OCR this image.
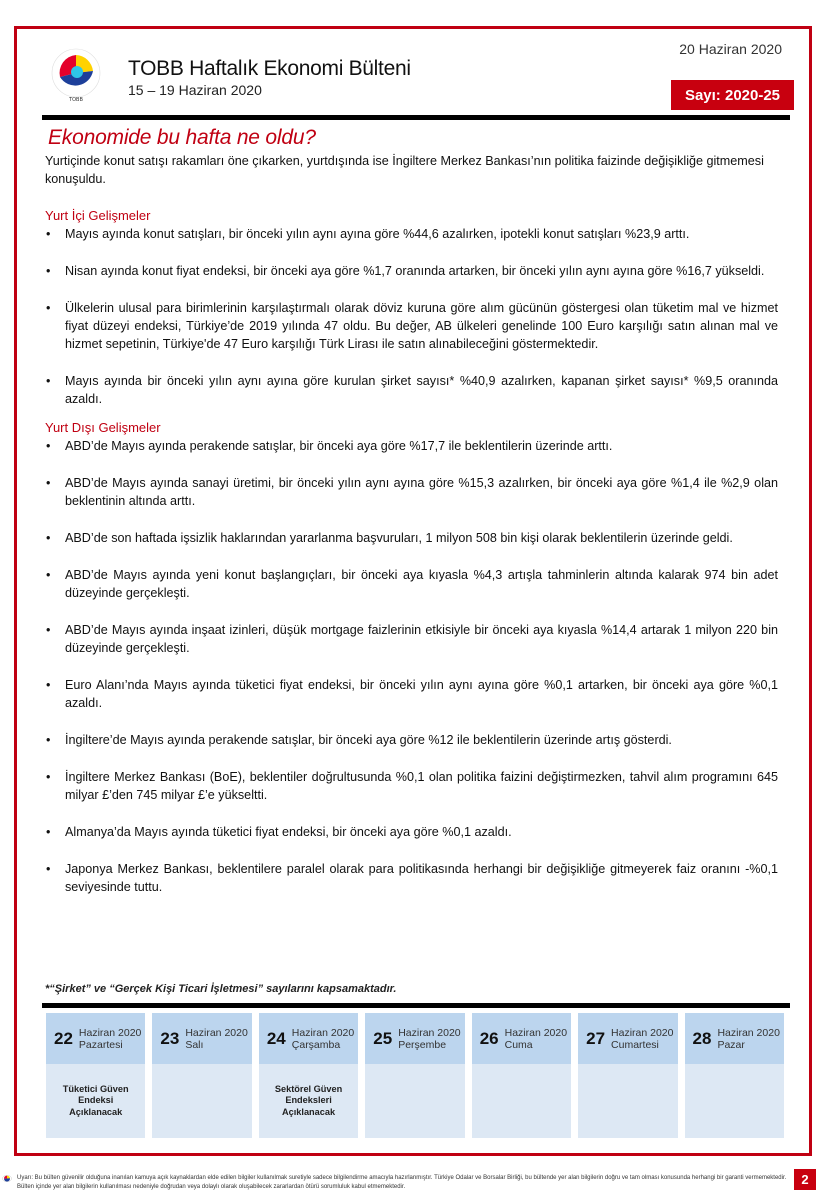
TOBB
TOBB Haftalık Ekonomi Bülteni
15 – 19 Haziran 2020
20 Haziran 2020
Sayı: 2020-25
Ekonomide bu hafta ne oldu?

Yurtiçinde konut satışı rakamları öne çıkarken, yurtdışında ise İngiltere Merkez Bankası’nın politika faizinde değişikliğe gitmemesi konuşuldu.

Yurt İçi Gelişmeler
• Mayıs ayında konut satışları, bir önceki yılın aynı ayına göre %44,6 azalırken, ipotekli konut satışları %23,9 arttı.
• Nisan ayında konut fiyat endeksi, bir önceki aya göre %1,7 oranında artarken, bir önceki yılın aynı ayına göre %16,7 yükseldi.
• Ülkelerin ulusal para birimlerinin karşılaştırmalı olarak döviz kuruna göre alım gücünün göstergesi olan tüketim mal ve hizmet fiyat düzeyi endeksi, Türkiye’de 2019 yılında 47 oldu. Bu değer, AB ülkeleri genelinde 100 Euro karşılığı satın alınan mal ve hizmet sepetinin, Türkiye'de 47 Euro karşılığı Türk Lirası ile satın alınabileceğini göstermektedir.
• Mayıs ayında bir önceki yılın aynı ayına göre kurulan şirket sayısı* %40,9 azalırken, kapanan şirket sayısı* %9,5 oranında azaldı.
Yurt Dışı Gelişmeler
• ABD’de Mayıs ayında perakende satışlar, bir önceki aya göre %17,7 ile beklentilerin üzerinde arttı.
• ABD’de Mayıs ayında sanayi üretimi, bir önceki yılın aynı ayına göre %15,3 azalırken, bir önceki aya göre %1,4 ile %2,9 olan beklentinin altında arttı.
• ABD’de son haftada işsizlik haklarından yararlanma başvuruları, 1 milyon 508 bin kişi olarak beklentilerin üzerinde geldi.
• ABD’de Mayıs ayında yeni konut başlangıçları, bir önceki aya kıyasla %4,3 artışla tahminlerin altında kalarak 974 bin adet düzeyinde gerçekleşti.
• ABD’de Mayıs ayında inşaat izinleri, düşük mortgage faizlerinin etkisiyle bir önceki aya kıyasla %14,4 artarak 1 milyon 220 bin düzeyinde gerçekleşti.
• Euro Alanı’nda Mayıs ayında tüketici fiyat endeksi, bir önceki yılın aynı ayına göre %0,1 artarken, bir önceki aya göre %0,1 azaldı.
• İngiltere’de Mayıs ayında perakende satışlar, bir önceki aya göre %12 ile beklentilerin üzerinde artış gösterdi.
• İngiltere Merkez Bankası (BoE), beklentiler doğrultusunda %0,1 olan politika faizini değiştirmezken, tahvil alım programını 645 milyar £’den 745 milyar £’e yükseltti.
• Almanya’da Mayıs ayında tüketici fiyat endeksi, bir önceki aya göre %0,1 azaldı.
• Japonya Merkez Bankası, beklentilere paralel olarak para politikasında herhangi bir değişikliğe gitmeyerek faiz oranını -%0,1 seviyesinde tuttu.
*“Şirket” ve “Gerçek Kişi Ticari İşletmesi” sayılarını kapsamaktadır.
22 Haziran 2020
Pazartesi
Tüketici Güven Endeksi Açıklanacak
23 Haziran 2020
Salı	24 Haziran 2020
Çarşamba
Sektörel Güven Endeksleri Açıklanacak
25 Haziran 2020
Perşembe	26 Haziran 2020
Cuma	27 Haziran 2020
Cumartesi	28 Haziran 2020
Pazar
Uyarı: Bu bülten güvenilir olduğuna inanılan kamuya açık kaynaklardan elde edilen bilgiler kullanılmak suretiyle sadece bilgilendirme amacıyla hazırlanmıştır. Türkiye Odalar ve Borsalar Birliği, bu bültende yer alan bilgilerin doğru ve tam olması konusunda herhangi bir garanti vermemektedir. Bülten içinde yer alan bilgilerin kullanılması nedeniyle doğrudan veya dolaylı olarak oluşabilecek zararlardan ötürü sorumluluk kabul etmemektedir.	2
